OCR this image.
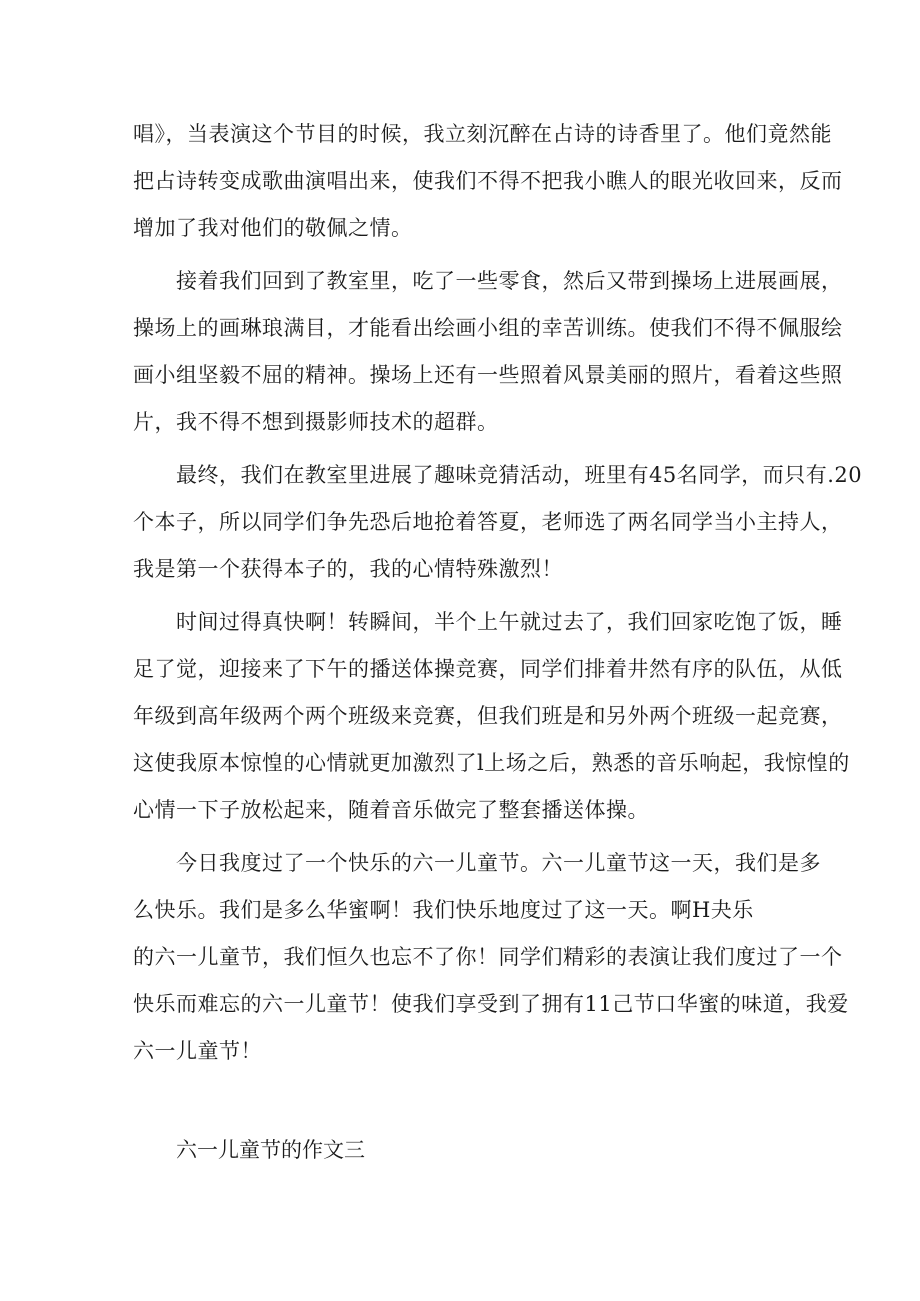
唱》，当表演这个节目的时候，我立刻沉醉在占诗的诗香里了。他们竟然能
把占诗转变成歌曲演唱出来，使我们不得不把我小瞧人的眼光收回来，反而
增加了我对他们的敬佩之情。
接着我们回到了教室里，吃了一些零食，然后又带到操场上进展画展，
操场上的画琳琅满目，才能看出绘画小组的幸苦训练。使我们不得不佩服绘
画小组坚毅不屈的精神。操场上还有一些照着风景美丽的照片，看着这些照
片，我不得不想到摄影师技术的超群。
最终，我们在教室里进展了趣味竞猜活动，班里有45名同学，而只有.20
个本子，所以同学们争先恐后地抢着答夏，老师选了两名同学当小主持人，
我是第一个获得本子的，我的心情特殊激烈！
时间过得真快啊！转瞬间，半个上午就过去了，我们回家吃饱了饭，睡
足了觉，迎接来了下午的播送体操竞赛，同学们排着井然有序的队伍，从低
年级到高年级两个两个班级来竞赛，但我们班是和另外两个班级一起竞赛，
这使我原本惊惶的心情就更加激烈了l上场之后，熟悉的音乐响起，我惊惶的
心情一下子放松起来，随着音乐做完了整套播送体操。
今日我度过了一个快乐的六一儿童节。六一儿童节这一天，我们是多
么快乐。我们是多么华蜜啊！我们快乐地度过了这一天。啊H夬乐
的六一儿童节，我们恒久也忘不了你！同学们精彩的表演让我们度过了一个
快乐而难忘的六一儿童节！使我们享受到了拥有11己节口华蜜的味道，我爱
六一儿童节！
六一儿童节的作文三
